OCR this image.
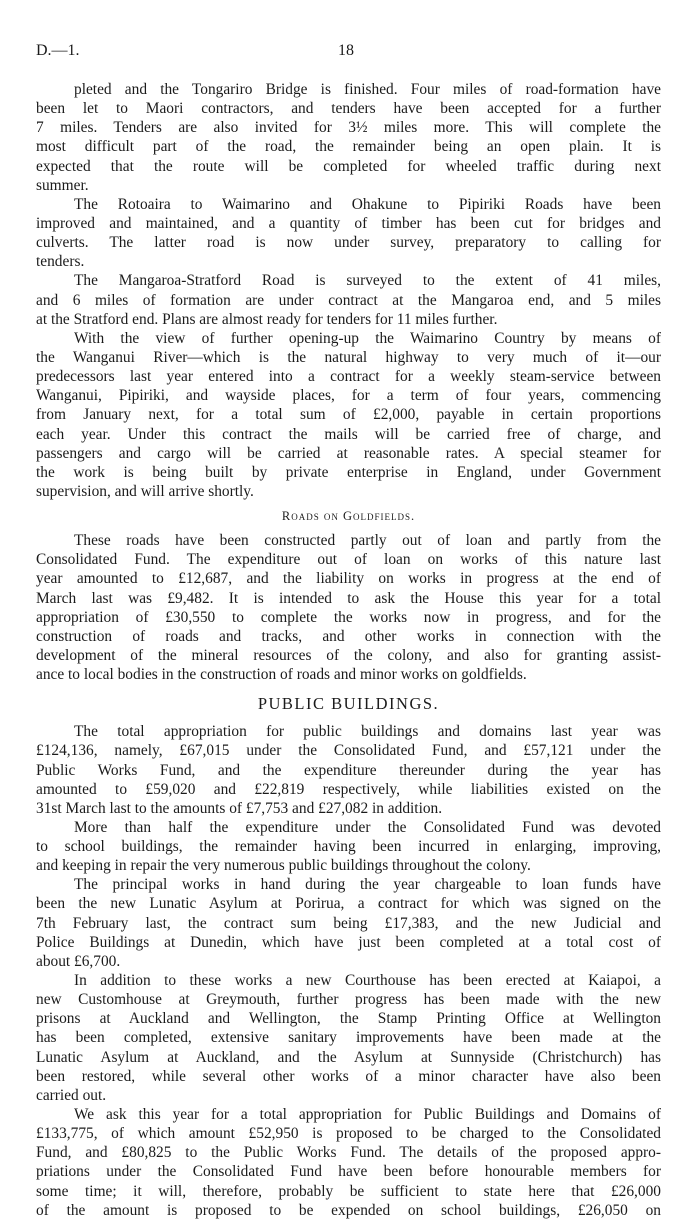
D.—1.	18
pleted and the Tongariro Bridge is finished. Four miles of road-formation have
been let to Maori contractors, and tenders have been accepted for a further
7 miles. Tenders are also invited for 3½ miles more. This will complete the
most difficult part of the road, the remainder being an open plain. It is
expected that the route will be completed for wheeled traffic during next
summer.
The Rotoaira to Waimarino and Ohakune to Pipiriki Roads have been
improved and maintained, and a quantity of timber has been cut for bridges and
culverts. The latter road is now under survey, preparatory to calling for
tenders.
The Mangaroa-Stratford Road is surveyed to the extent of 41 miles,
and 6 miles of formation are under contract at the Mangaroa end, and 5 miles
at the Stratford end. Plans are almost ready for tenders for 11 miles further.
With the view of further opening-up the Waimarino Country by means of
the Wanganui River—which is the natural highway to very much of it—our
predecessors last year entered into a contract for a weekly steam-service between
Wanganui, Pipiriki, and wayside places, for a term of four years, commencing
from January next, for a total sum of £2,000, payable in certain proportions
each year. Under this contract the mails will be carried free of charge, and
passengers and cargo will be carried at reasonable rates. A special steamer for
the work is being built by private enterprise in England, under Government
supervision, and will arrive shortly.
Roads on Goldfields.
These roads have been constructed partly out of loan and partly from the
Consolidated Fund. The expenditure out of loan on works of this nature last
year amounted to £12,687, and the liability on works in progress at the end of
March last was £9,482. It is intended to ask the House this year for a total
appropriation of £30,550 to complete the works now in progress, and for the
construction of roads and tracks, and other works in connection with the
development of the mineral resources of the colony, and also for granting assist-
ance to local bodies in the construction of roads and minor works on goldfields.
PUBLIC BUILDINGS.
The total appropriation for public buildings and domains last year was
£124,136, namely, £67,015 under the Consolidated Fund, and £57,121 under the
Public Works Fund, and the expenditure thereunder during the year has
amounted to £59,020 and £22,819 respectively, while liabilities existed on the
31st March last to the amounts of £7,753 and £27,082 in addition.
More than half the expenditure under the Consolidated Fund was devoted
to school buildings, the remainder having been incurred in enlarging, improving,
and keeping in repair the very numerous public buildings throughout the colony.
The principal works in hand during the year chargeable to loan funds have
been the new Lunatic Asylum at Porirua, a contract for which was signed on the
7th February last, the contract sum being £17,383, and the new Judicial and
Police Buildings at Dunedin, which have just been completed at a total cost of
about £6,700.
In addition to these works a new Courthouse has been erected at Kaiapoi, a
new Customhouse at Greymouth, further progress has been made with the new
prisons at Auckland and Wellington, the Stamp Printing Office at Wellington
has been completed, extensive sanitary improvements have been made at the
Lunatic Asylum at Auckland, and the Asylum at Sunnyside (Christchurch) has
been restored, while several other works of a minor character have also been
carried out.
We ask this year for a total appropriation for Public Buildings and Domains of
£133,775, of which amount £52,950 is proposed to be charged to the Consolidated
Fund, and £80,825 to the Public Works Fund. The details of the proposed appro-
priations under the Consolidated Fund have been before honourable members for
some time; it will, therefore, probably be sufficient to state here that £26,000
of the amount is proposed to be expended on school buildings, £26,050 on
